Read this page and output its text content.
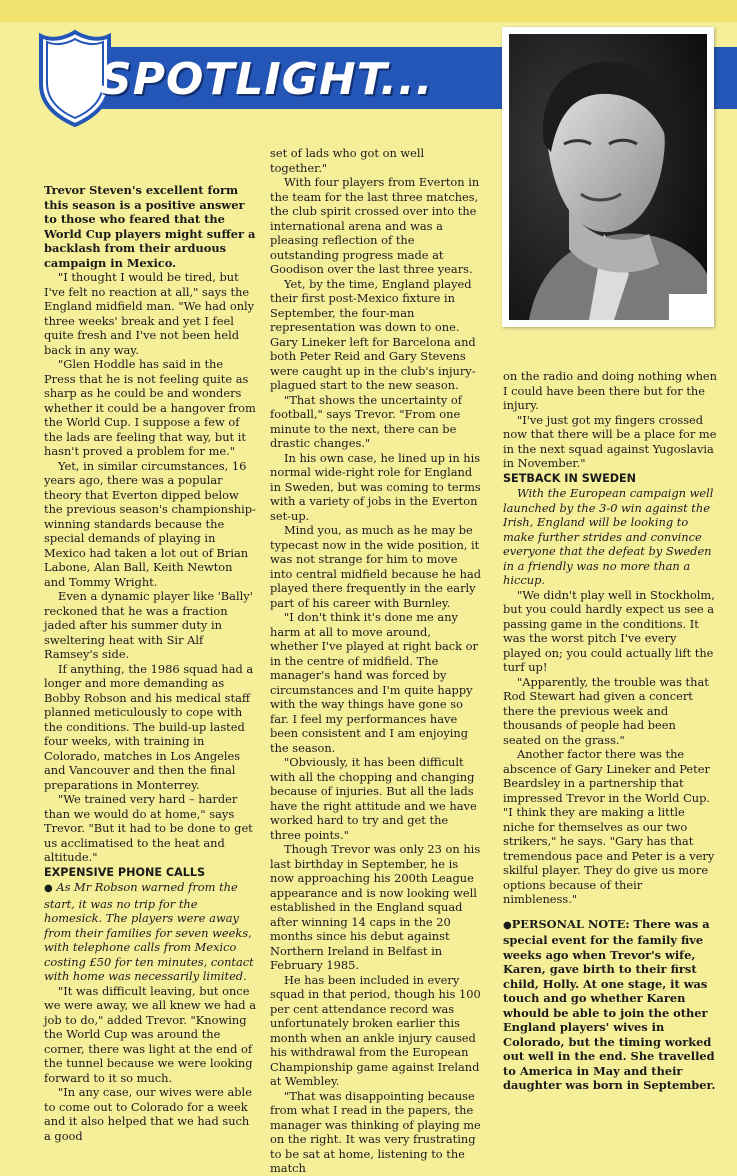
SPOTLIGHT...

Trevor Steven's excellent form this season is a positive answer to those who feared that the World Cup players might suffer a backlash from their arduous campaign in Mexico.

"I thought I would be tired, but I've felt no reaction at all," says the England midfield man. "We had only three weeks' break and yet I feel quite fresh and I've not been held back in any way.

"Glen Hoddle has said in the Press that he is not feeling quite as sharp as he could be and wonders whether it could be a hangover from the World Cup. I suppose a few of the lads are feeling that way, but it hasn't proved a problem for me."

Yet, in similar circumstances, 16 years ago, there was a popular theory that Everton dipped below the previous season's championship-winning standards because the special demands of playing in Mexico had taken a lot out of Brian Labone, Alan Ball, Keith Newton and Tommy Wright.

Even a dynamic player like 'Bally' reckoned that he was a fraction jaded after his summer duty in sweltering heat with Sir Alf Ramsey's side.

If anything, the 1986 squad had a longer and more demanding as Bobby Robson and his medical staff planned meticulously to cope with the conditions. The build-up lasted four weeks, with training in Colorado, matches in Los Angeles and Vancouver and then the final preparations in Monterrey.

"We trained very hard – harder than we would do at home," says Trevor. "But it had to be done to get us acclimatised to the heat and altitude."

EXPENSIVE PHONE CALLS

● As Mr Robson warned from the start, it was no trip for the homesick. The players were away from their families for seven weeks, with telephone calls from Mexico costing £50 for ten minutes, contact with home was necessarily limited.

"It was difficult leaving, but once we were away, we all knew we had a job to do," added Trevor. "Knowing the World Cup was around the corner, there was light at the end of the tunnel because we were looking forward to it so much.

"In any case, our wives were able to come out to Colorado for a week and it also helped that we had such a good

set of lads who got on well together."

With four players from Everton in the team for the last three matches, the club spirit crossed over into the international arena and was a pleasing reflection of the outstanding progress made at Goodison over the last three years.

Yet, by the time, England played their first post-Mexico fixture in September, the four-man representation was down to one. Gary Lineker left for Barcelona and both Peter Reid and Gary Stevens were caught up in the club's injury-plagued start to the new season.

"That shows the uncertainty of football," says Trevor. "From one minute to the next, there can be drastic changes."

In his own case, he lined up in his normal wide-right role for England in Sweden, but was coming to terms with a variety of jobs in the Everton set-up.

Mind you, as much as he may be typecast now in the wide position, it was not strange for him to move into central midfield because he had played there frequently in the early part of his career with Burnley.

"I don't think it's done me any harm at all to move around, whether I've played at right back or in the centre of midfield. The manager's hand was forced by circumstances and I'm quite happy with the way things have gone so far. I feel my performances have been consistent and I am enjoying the season.

"Obviously, it has been difficult with all the chopping and changing because of injuries. But all the lads have the right attitude and we have worked hard to try and get the three points."

Though Trevor was only 23 on his last birthday in September, he is now approaching his 200th League appearance and is now looking well established in the England squad after winning 14 caps in the 20 months since his debut against Northern Ireland in Belfast in February 1985.

He has been included in every squad in that period, though his 100 per cent attendance record was unfortunately broken earlier this month when an ankle injury caused his withdrawal from the European Championship game against Ireland at Wembley.

"That was disappointing because from what I read in the papers, the manager was thinking of playing me on the right. It was very frustrating to be sat at home, listening to the match

on the radio and doing nothing when I could have been there but for the injury.

"I've just got my fingers crossed now that there will be a place for me in the next squad against Yugoslavia in November."

SETBACK IN SWEDEN

With the European campaign well launched by the 3-0 win against the Irish, England will be looking to make further strides and convince everyone that the defeat by Sweden in a friendly was no more than a hiccup.

"We didn't play well in Stockholm, but you could hardly expect us see a passing game in the conditions. It was the worst pitch I've every played on; you could actually lift the turf up!

"Apparently, the trouble was that Rod Stewart had given a concert there the previous week and thousands of people had been seated on the grass."

Another factor there was the abscence of Gary Lineker and Peter Beardsley in a partnership that impressed Trevor in the World Cup. "I think they are making a little niche for themselves as our two strikers," he says. "Gary has that tremendous pace and Peter is a very skilful player. They do give us more options because of their nimbleness."

●PERSONAL NOTE: There was a special event for the family five weeks ago when Trevor's wife, Karen, gave birth to their first child, Holly. At one stage, it was touch and go whether Karen whould be able to join the other England players' wives in Colorado, but the timing worked out well in the end. She travelled to America in May and their daughter was born in September.
